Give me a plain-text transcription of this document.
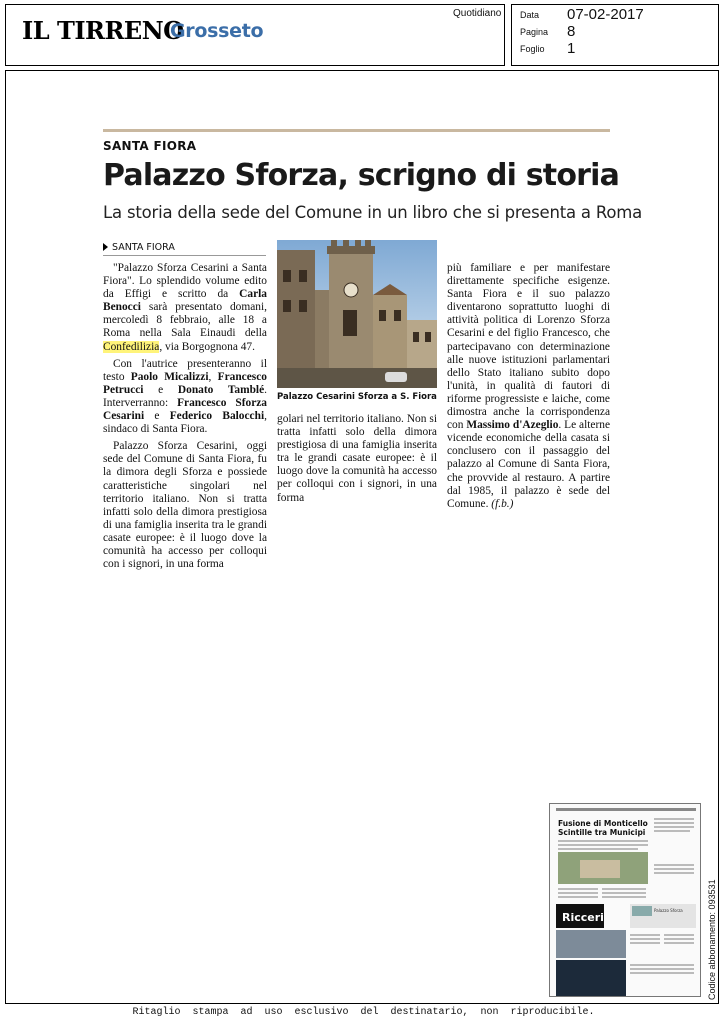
IL TIRRENO
Grosseto
Quotidiano Data 07-02-2017
Pagina 8
Foglio 1
SANTA FIORA
Palazzo Sforza, scrigno di storia
La storia della sede del Comune in un libro che si presenta a Roma
SANTA FIORA

"Palazzo Sforza Cesarini a Santa Fiora". Lo splendido volume edito da Effigi e scritto da Carla Benocci sarà presentato domani, mercoledì 8 febbraio, alle 18 a Roma nella Sala Einaudi della Confedilizia, via Borgognona 47.

Con l'autrice presenteranno il testo Paolo Micalizzi, Francesco Petrucci e Donato Tamblé. Interverranno: Francesco Sforza Cesarini e Federico Balocchi, sindaco di Santa Fiora.

Palazzo Sforza Cesarini, oggi sede del Comune di Santa Fiora, fu la dimora degli Sforza e possiede caratteristiche singolari nel territorio italiano. Non si tratta infatti solo della dimora prestigiosa di una famiglia inserita tra le grandi casate europee: è il luogo dove la comunità ha accesso per colloqui con i signori, in una forma

Palazzo Cesarini Sforza a S. Fiora

golari nel territorio italiano. Non si tratta infatti solo della dimora prestigiosa di una famiglia inserita tra le grandi casate europee: è il luogo dove la comunità ha accesso per colloqui con i signori, in una forma

più familiare e per manifestare direttamente specifiche esigenze. Santa Fiora e il suo palazzo diventarono soprattutto luoghi di attività politica di Lorenzo Sforza Cesarini e del figlio Francesco, che partecipavano con determinazione alle nuove istituzioni parlamentari dello Stato italiano subito dopo l'unità, in qualità di fautori di riforme progressiste e laiche, come dimostra anche la corrispondenza con Massimo d'Azeglio. Le alterne vicende economiche della casata si conclusero con il passaggio del palazzo al Comune di Santa Fiora, che provvide al restauro. A partire dal 1985, il palazzo è sede del Comune. (f.b.)

Fusione di Monticello
Scintille tra Municipi
Ricceri
Palazzo Sforza	Codice abbonamento: 093531
Ritaglio stampa ad uso esclusivo del destinatario, non riproducibile.
